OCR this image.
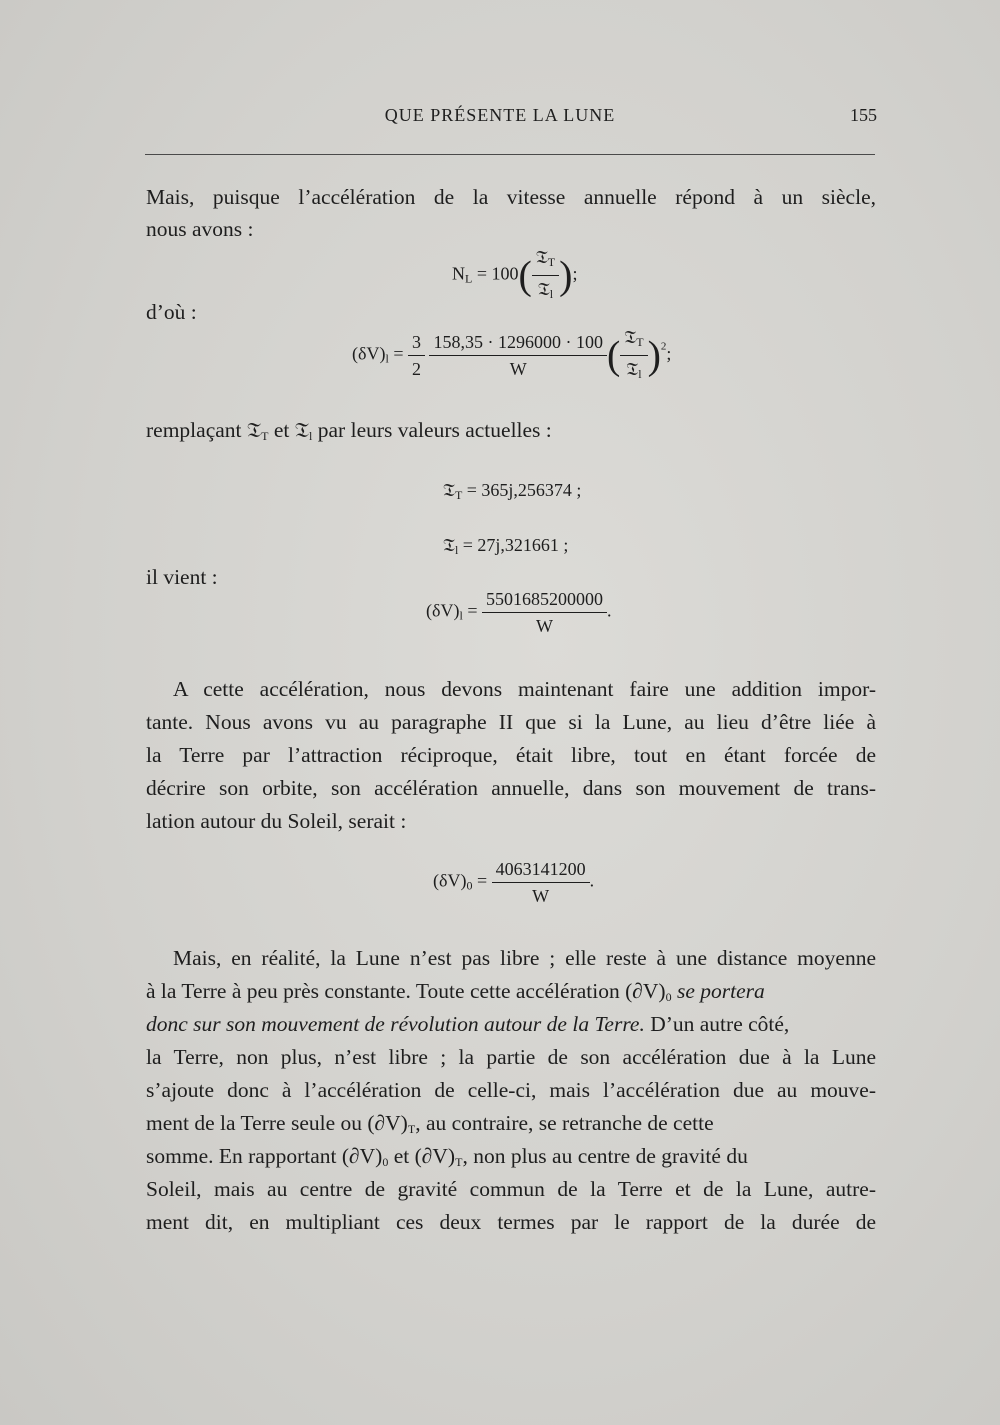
QUE PRÉSENTE LA LUNE	155
Mais, puisque l’accélération de la vitesse annuelle répond à un siècle,
nous avons :
$N_L = 100( \frac{𝔗_T}{𝔗_l}$ );
d’où :
$(\delta V)_l = \frac{3}{2}$
$\frac{158,35 \cdot 1296000 \cdot 100}{W}$ ( $\frac{𝔗_T}{𝔗_l} )^2$;
remplaçant 𝔗$_T$ et 𝔗$_l$ par leurs valeurs actuelles :
𝔗$_T$ = 365j,256374 ;
𝔗$_l$ = 27j,321661 ;
il vient :
$(\delta V)_l = \frac{5501685200000}{W}$ .
A cette accélération, nous devons maintenant faire une addition impor-
tante. Nous avons vu au paragraphe II que si la Lune, au lieu d’être liée à
la Terre par l’attraction réciproque, était libre, tout en étant forcée de
décrire son orbite, son accélération annuelle, dans son mouvement de trans-
lation autour du Soleil, serait :
$(\delta V)_0 = \frac{4063141200}{W}$ .
Mais, en réalité, la Lune n’est pas libre ; elle reste à une distance moyenne
à la Terre à peu près constante. Toute cette accélération $(\partial V)_0$ se portera
donc sur son mouvement de révolution autour de la Terre. D’un autre côté,
la Terre, non plus, n’est libre ; la partie de son accélération due à la Lune
s’ajoute donc à l’accélération de celle-ci, mais l’accélération due au mouve-
ment de la Terre seule ou $(\partial V)_T$, au contraire, se retranche de cette
somme. En rapportant $(\partial V)_0$ et $(\partial V)_T$, non plus au centre de gravité du
Soleil, mais au centre de gravité commun de la Terre et de la Lune, autre-
ment dit, en multipliant ces deux termes par le rapport de la durée de
